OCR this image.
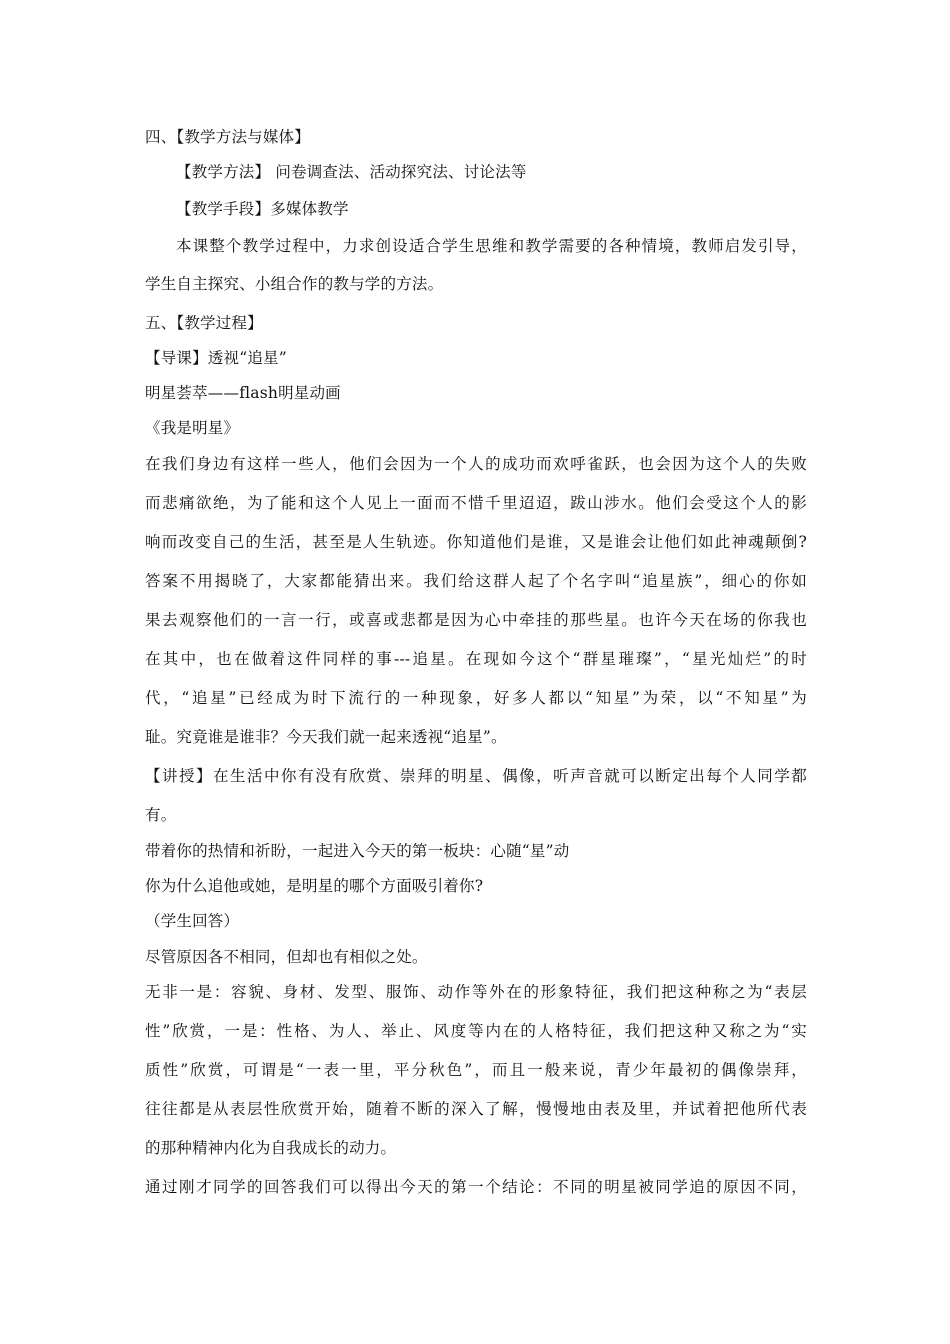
四、【教学方法与媒体】
【教学方法】 问卷调查法、活动探究法、讨论法等
【教学手段】多媒体教学
本课整个教学过程中，力求创设适合学生思维和教学需要的各种情境，教师启发引导，
学生自主探究、小组合作的教与学的方法。
五、【教学过程】
【导课】透视“追星”
明星荟萃——flash明星动画
《我是明星》
在我们身边有这样一些人，他们会因为一个人的成功而欢呼雀跃，也会因为这个人的失败
而悲痛欲绝，为了能和这个人见上一面而不惜千里迢迢，跋山涉水。他们会受这个人的影
响而改变自己的生活，甚至是人生轨迹。你知道他们是谁，又是谁会让他们如此神魂颠倒?
答案不用揭晓了，大家都能猜出来。我们给这群人起了个名字叫“追星族”，细心的你如
果去观察他们的一言一行，或喜或悲都是因为心中牵挂的那些星。也许今天在场的你我也
在其中，也在做着这件同样的事---追星。在现如今这个“群星璀璨”，“星光灿烂”的时
代，“追星”已经成为时下流行的一种现象，好多人都以“知星”为荣，以“不知星”为
耻。究竟谁是谁非？今天我们就一起来透视“追星”。
【讲授】在生活中你有没有欣赏、崇拜的明星、偶像，听声音就可以断定出每个人同学都
有。
带着你的热情和祈盼，一起进入今天的第一板块：心随“星”动
你为什么追他或她，是明星的哪个方面吸引着你?
（学生回答）
尽管原因各不相同，但却也有相似之处。
无非一是：容貌、身材、发型、服饰、动作等外在的形象特征，我们把这种称之为“表层
性”欣赏，一是：性格、为人、举止、风度等内在的人格特征，我们把这种又称之为“实
质性”欣赏，可谓是“一表一里，平分秋色”，而且一般来说，青少年最初的偶像崇拜，
往往都是从表层性欣赏开始，随着不断的深入了解，慢慢地由表及里，并试着把他所代表
的那种精神内化为自我成长的动力。
通过刚才同学的回答我们可以得出今天的第一个结论：不同的明星被同学追的原因不同，
